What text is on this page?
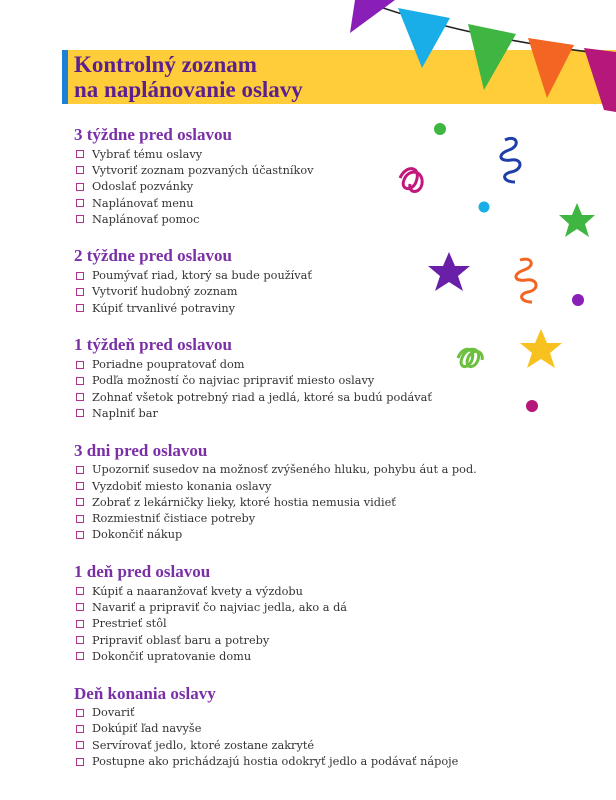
Kontrolný zoznam
na naplánovanie oslavy
3 týždne pred oslavou
Vybrať tému oslavy
Vytvoriť zoznam pozvaných účastníkov
Odoslať pozvánky
Naplánovať menu
Naplánovať pomoc
2 týždne pred oslavou
Poumývať riad, ktorý sa bude používať
Vytvoriť hudobný zoznam
Kúpiť trvanlivé potraviny
1 týždeň pred oslavou
Poriadne poupratovať dom
Podľa možností čo najviac pripraviť miesto oslavy
Zohnať všetok potrebný riad a jedlá, ktoré sa budú podávať
Naplniť bar
3 dni pred oslavou
Upozorniť susedov na možnosť zvýšeného hluku, pohybu áut a pod.
Vyzdobiť miesto konania oslavy
Zobrať z lekárničky lieky, ktoré hostia nemusia vidieť
Rozmiestniť čistiace potreby
Dokončiť nákup
1 deň pred oslavou
Kúpiť a naaranžovať kvety a výzdobu
Navariť a pripraviť čo najviac jedla, ako a dá
Prestrieť stôl
Pripraviť oblasť baru a potreby
Dokončiť upratovanie domu
Deň konania oslavy
Dovariť
Dokúpiť ľad navyše
Servírovať jedlo, ktoré zostane zakryté
Postupne ako prichádzajú hostia odokryť jedlo a podávať nápoje
